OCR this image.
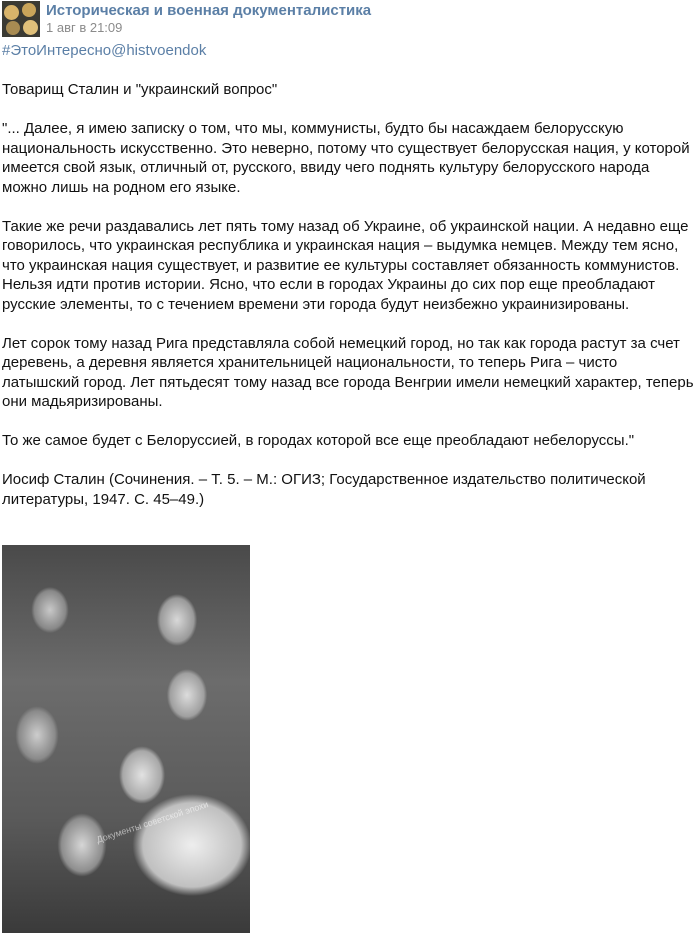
Историческая и военная документалистика
1 авг в 21:09
#ЭтоИнтересно@histvoendok

Товарищ Сталин и "украинский вопрос"

"... Далее, я имею записку о том, что мы, коммунисты, будто бы насаждаем белорусскую национальность искусственно. Это неверно, потому что существует белорусская нация, у которой имеется свой язык, отличный от, русского, ввиду чего поднять культуру белорусского народа можно лишь на родном его языке.

Такие же речи раздавались лет пять тому назад об Украине, об украинской нации. А недавно еще говорилось, что украинская республика и украинская нация – выдумка немцев. Между тем ясно, что украинская нация существует, и развитие ее культуры составляет обязанность коммунистов. Нельзя идти против истории. Ясно, что если в городах Украины до сих пор еще преобладают русские элементы, то с течением времени эти города будут неизбежно украинизированы.

Лет сорок тому назад Рига представляла собой немецкий город, но так как города растут за счет деревень, а деревня является хранительницей национальности, то теперь Рига – чисто латышский город. Лет пятьдесят тому назад все города Венгрии имели немецкий характер, теперь они мадьяризированы.

То же самое будет с Белоруссией, в городах которой все еще преобладают небелоруссы."

Иосиф Сталин (Сочинения. – Т. 5. – М.: ОГИЗ; Государственное издательство политической литературы, 1947. С. 45–49.)

Документы советской эпохи
